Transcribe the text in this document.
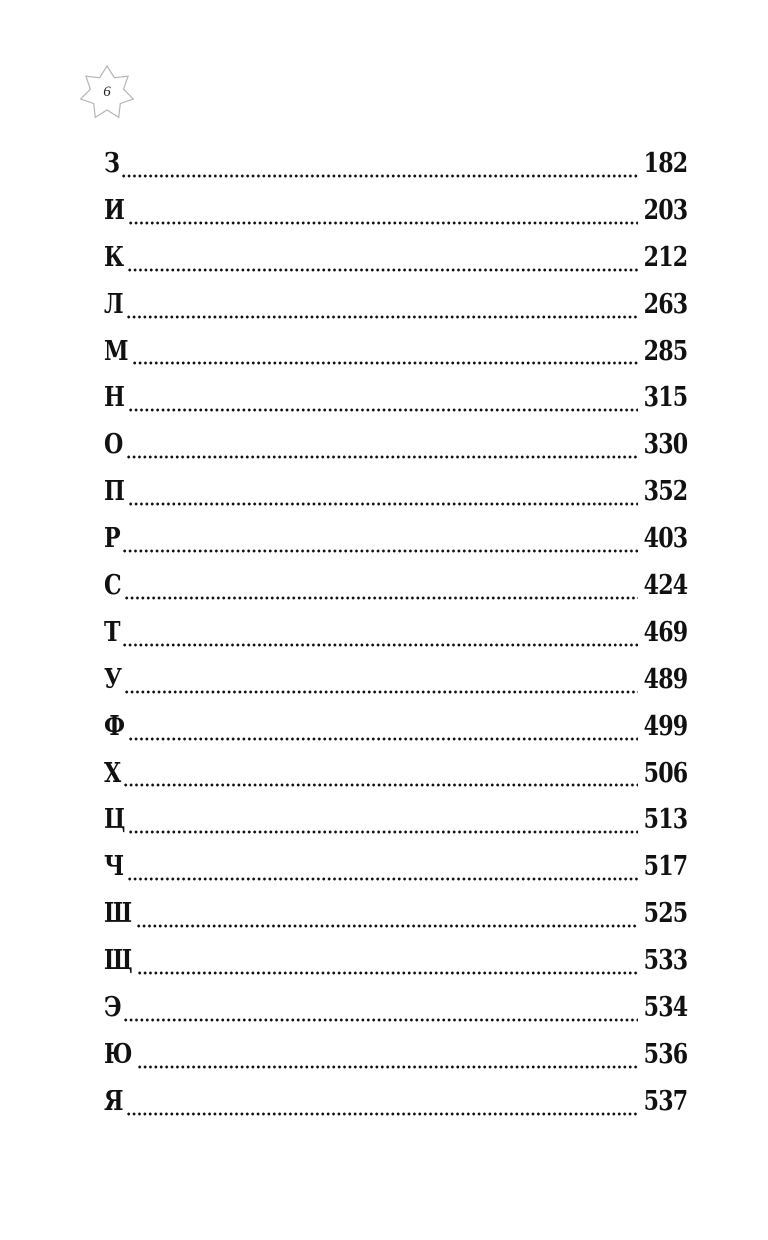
6
З	182
И	203
К	212
Л	263
М	285
Н	315
О	330
П	352
Р	403
С	424
Т	469
У	489
Ф	499
Х	506
Ц	513
Ч	517
Ш	525
Щ	533
Э	534
Ю	536
Я	537
